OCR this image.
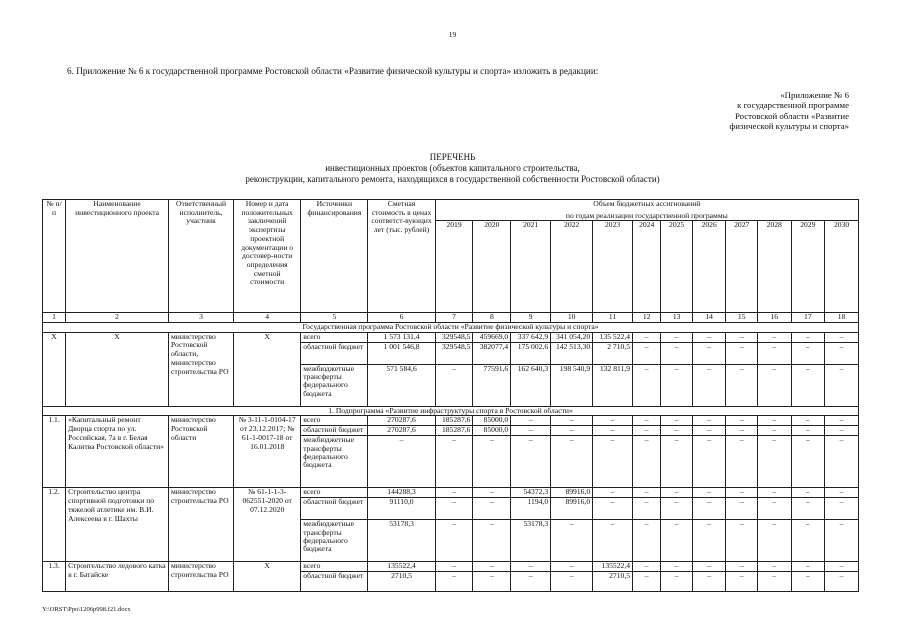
19
6. Приложение № 6 к государственной программе Ростовской области «Развитие физической культуры и спорта» изложить в редакции:
«Приложение № 6
к государственной программе
Ростовской области «Развитие
физической культуры и спорта»
ПЕРЕЧЕНЬ
инвестиционных проектов (объектов капитального строительства,
реконструкции, капитального ремонта, находящихся в государственной собственности Ростовской области)
№ п/п	Наименование инвестиционного проекта	Ответственный исполнитель, участник	Номер и дата положительных заключений экспертизы проектной документации о достовер-ности определения сметной стоимости	Источники финансирования	Сметная стоимость в ценах соответст-вующих лет (тыс. рублей)	Объем бюджетных ассигнований											
						по годам реализации государственной программы											
						2019	2020	2021	2022	2023	2024	2025	2026	2027	2028	2029	2030
1	2	3	4	5	6	7	8	9	10	11	12	13	14	15	16	17	18
Государственная программа Ростовской области «Развитие физической культуры и спорта»																	
Х	Х	министерство Ростовской области, министерство строительства РО	Х	всего	1 573 131,4	329548,5	459669,0	337 642,9	341 054,20	135 522,4	–	–	–	–	–	–	–
				областной бюджет	1 001 546,8	329548,5	382077,4	175 002,6	142 513,30	2 710,5	–	–	–	–	–	–	–
				межбюджетные трансферты федерального бюджета	571 584,6	–	77591,6	162 640,3	198 540,9	132 811,9	–	–	–	–	–	–	–
1. Подпрограмма «Развитие инфраструктуры спорта в Ростовской области»																	
1.1.	«Капитальный ремонт Дворца спорта по ул. Российская, 7а в г. Белая Калитва Ростовской области»	министерство Ростовской области	№ 3-11-1-0104-17 от 23.12.2017; № 61-1-0017-18 от 16.01.2018	всего	270287,6	185287,6	85000,0	–	–	–	–	–	–	–	–	–	–
				областной бюджет	270287,6	185287,6	85000,0	–	–	–	–	–	–	–	–	–	–
				межбюджетные трансферты федерального бюджета	–	–	–	–	–	–	–	–	–	–	–	–	–
1.2.	Строительство центра спортивной подготовки по тяжелой атлетике им. В.И. Алексеева в г. Шахты	министерство строительства РО	№ 61-1-1-3-062551-2020 от 07.12.2020	всего	144288,3	–	–	54372,3	89916,0	–	–	–	–	–	–	–	–
				областной бюджет	91110,0	–	–	1194,0	89916,0	–	–	–	–	–	–	–	–
				межбюджетные трансферты федерального бюджета	53178,3	–	–	53178,3	–	–	–	–	–	–	–	–	–
1.3.	Строительство ледового катка в г. Батайске	министерство строительства РО	Х	всего	135522,4	–	–	–	–	135522,4	–	–	–	–	–	–	–
				областной бюджет	2710,5	–	–	–	–	2710,5	–	–	–	–	–	–	–
Y:\ORST\Ppo\1206p998.f21.docx
